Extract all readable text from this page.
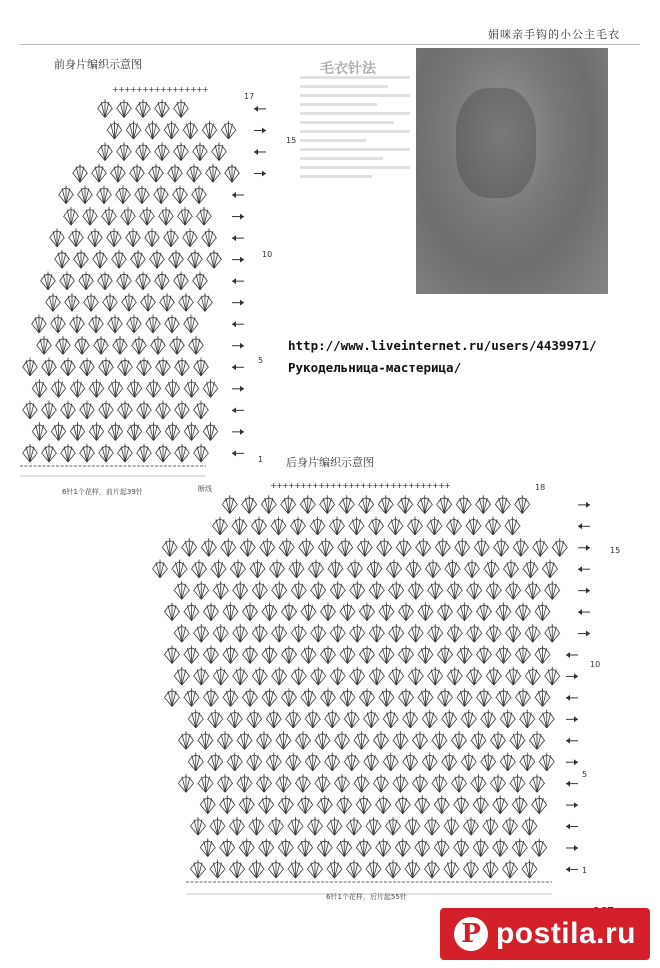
娟咪亲手钩的小公主毛衣
毛衣针法
前身片编织示意图
后身片编织示意图
+ + + + + + + + + + + + + + + +
+ + + + + + + + + + + + + + + + + + + + + + + + + + + + + +
http://www.liveinternet.ru/users/4439971/
Рукодельница-мастерица/
17
15
10
5
1
18
15
10
5
1
6针1个花样，前片起39针
6针1个花样，后片起55针
断线
P postila.ru
